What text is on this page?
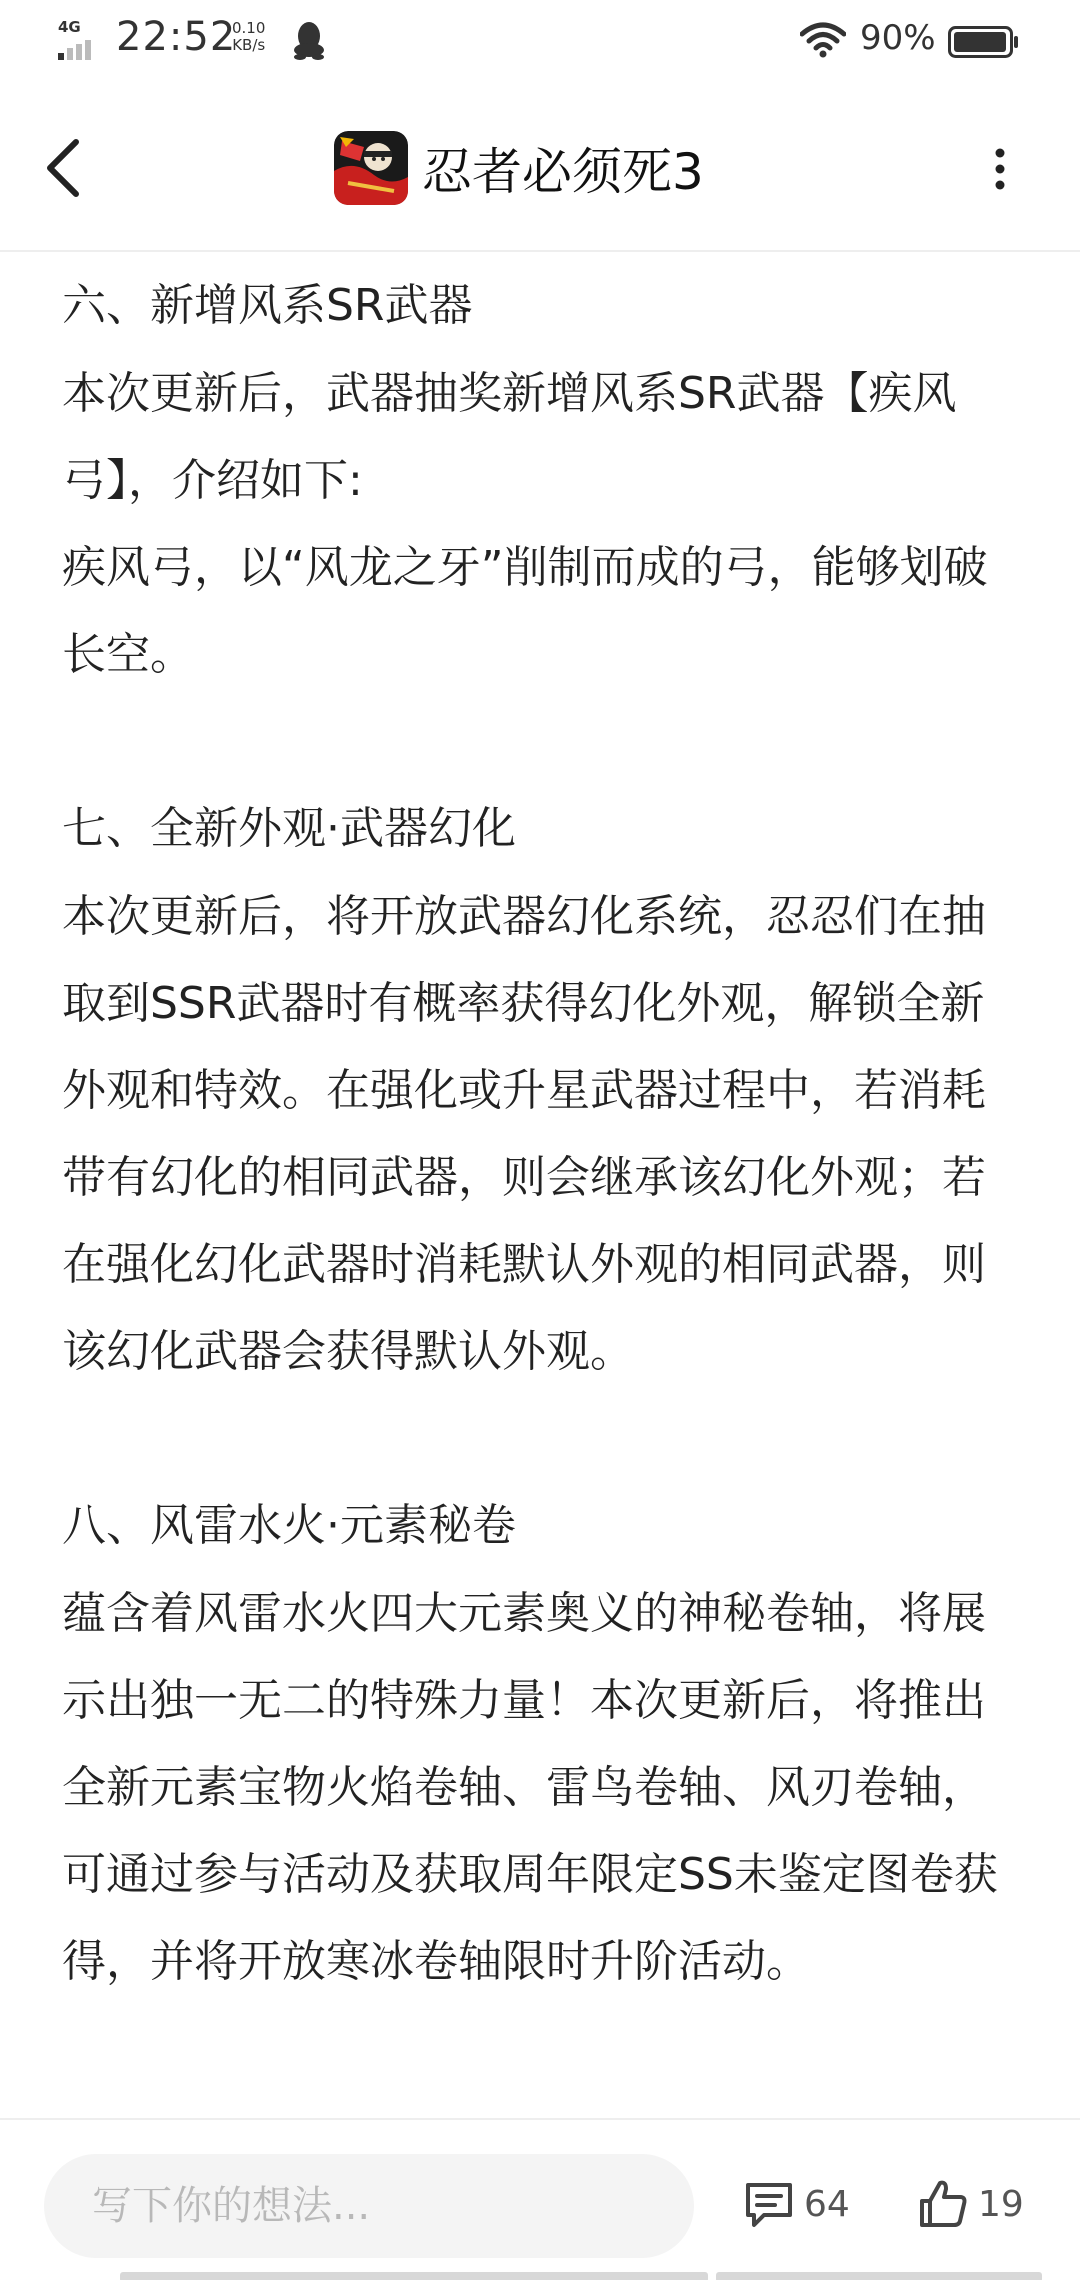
4G 22:52
0.10
KB/s	90%
忍者必须死3
六、新增风系SR武器

本次更新后，武器抽奖新增风系SR武器【疾风弓】，介绍如下:

疾风弓，以“风龙之牙”削制而成的弓，能够划破长空。

七、全新外观·武器幻化

本次更新后，将开放武器幻化系统，忍忍们在抽取到SSR武器时有概率获得幻化外观，解锁全新外观和特效。在强化或升星武器过程中，若消耗带有幻化的相同武器，则会继承该幻化外观；若在强化幻化武器时消耗默认外观的相同武器，则该幻化武器会获得默认外观。

八、风雷水火·元素秘卷

蕴含着风雷水火四大元素奥义的神秘卷轴，将展示出独一无二的特殊力量！本次更新后，将推出全新元素宝物火焰卷轴、雷鸟卷轴、风刃卷轴，可通过参与活动及获取周年限定SS未鉴定图卷获得，并将开放寒冰卷轴限时升阶活动。

写下你的想法...
64	19
